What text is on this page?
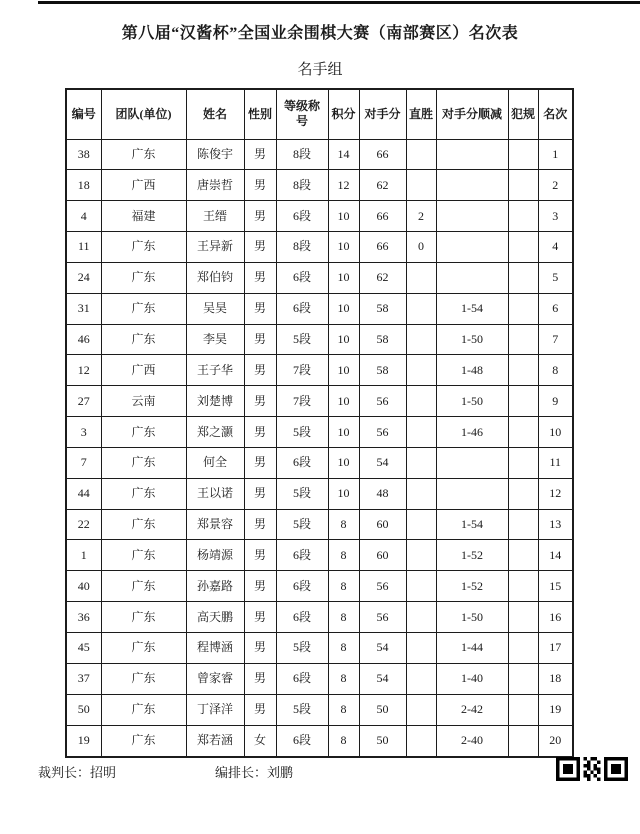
第八届“汉酱杯”全国业余围棋大赛（南部赛区）名次表
名手组
编号	团队(单位)	姓名	性别	等级称号	积分	对手分	直胜	对手分顺减	犯规	名次
38	广东	陈俊宇	男	8段	14	66				1
18	广西	唐崇哲	男	8段	12	62				2
4	福建	王缙	男	6段	10	66	2			3
11	广东	王异新	男	8段	10	66	0			4
24	广东	郑伯钧	男	6段	10	62				5
31	广东	吴昊	男	6段	10	58		1-54		6
46	广东	李昊	男	5段	10	58		1-50		7
12	广西	王子华	男	7段	10	58		1-48		8
27	云南	刘楚博	男	7段	10	56		1-50		9
3	广东	郑之灏	男	5段	10	56		1-46		10
7	广东	何全	男	6段	10	54				11
44	广东	王以诺	男	5段	10	48				12
22	广东	郑景容	男	5段	8	60		1-54		13
1	广东	杨靖源	男	6段	8	60		1-52		14
40	广东	孙嘉路	男	6段	8	56		1-52		15
36	广东	高天鹏	男	6段	8	56		1-50		16
45	广东	程博涵	男	5段	8	54		1-44		17
37	广东	曾家睿	男	6段	8	54		1-40		18
50	广东	丁泽洋	男	5段	8	50		2-42		19
19	广东	郑若涵	女	6段	8	50		2-40		20
裁判长：招明	编排长：刘鹏
